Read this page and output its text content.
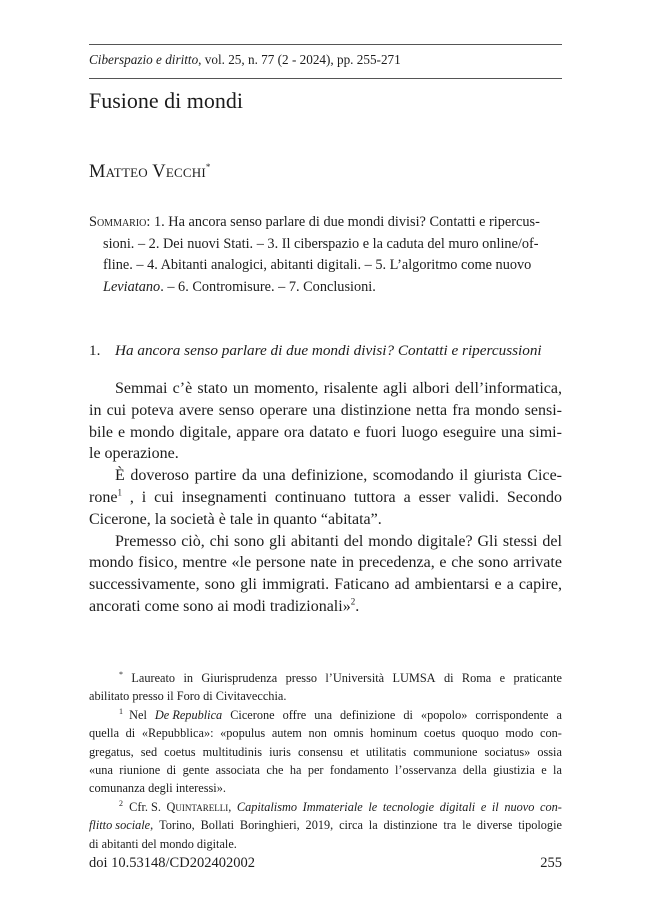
Ciberspazio e diritto, vol. 25, n. 77 (2 - 2024), pp. 255-271
Fusione di mondi
Matteo Vecchi*
Sommario: 1. Ha ancora senso parlare di due mondi divisi? Contatti e ripercus-
sioni. – 2. Dei nuovi Stati. – 3. Il ciberspazio e la caduta del muro online/of-
fline. – 4. Abitanti analogici, abitanti digitali. – 5. L’algoritmo come nuovo
Leviatano. – 6. Contromisure. – 7. Conclusioni.
1. Ha ancora senso parlare di due mondi divisi? Contatti e ripercussioni
Semmai c’è stato un momento, risalente agli albori dell’informatica,
in cui poteva avere senso operare una distinzione netta fra mondo sensi-
bile e mondo digitale, appare ora datato e fuori luogo eseguire una simi-
le operazione.
È doveroso partire da una definizione, scomodando il giurista Cice-
rone$^1$ , i cui insegnamenti continuano tuttora a esser validi. Secondo
Cicerone, la società è tale in quanto “abitata”.
Premesso ciò, chi sono gli abitanti del mondo digitale? Gli stessi del
mondo fisico, mentre «le persone nate in precedenza, e che sono arrivate
successivamente, sono gli immigrati. Faticano ad ambientarsi e a capire,
ancorati come sono ai modi tradizionali»$^2$.
* Laureato in Giurisprudenza presso l’Università LUMSA di Roma e praticante
abilitato presso il Foro di Civitavecchia.
$^1$ Nel De Republica Cicerone offre una definizione di «popolo» corrispondente a
quella di «Repubblica»: «populus autem non omnis hominum coetus quoquo modo con-
gregatus, sed coetus multitudinis iuris consensu et utilitatis communione sociatus» ossia
«una riunione di gente associata che ha per fondamento l’osservanza della giustizia e la
comunanza degli interessi».
$^2$ Cfr. S. Quintarelli, Capitalismo Immateriale le tecnologie digitali e il nuovo con-
flitto sociale, Torino, Bollati Boringhieri, 2019, circa la distinzione tra le diverse tipologie
di abitanti del mondo digitale.
doi 10.53148/CD202402002	255
